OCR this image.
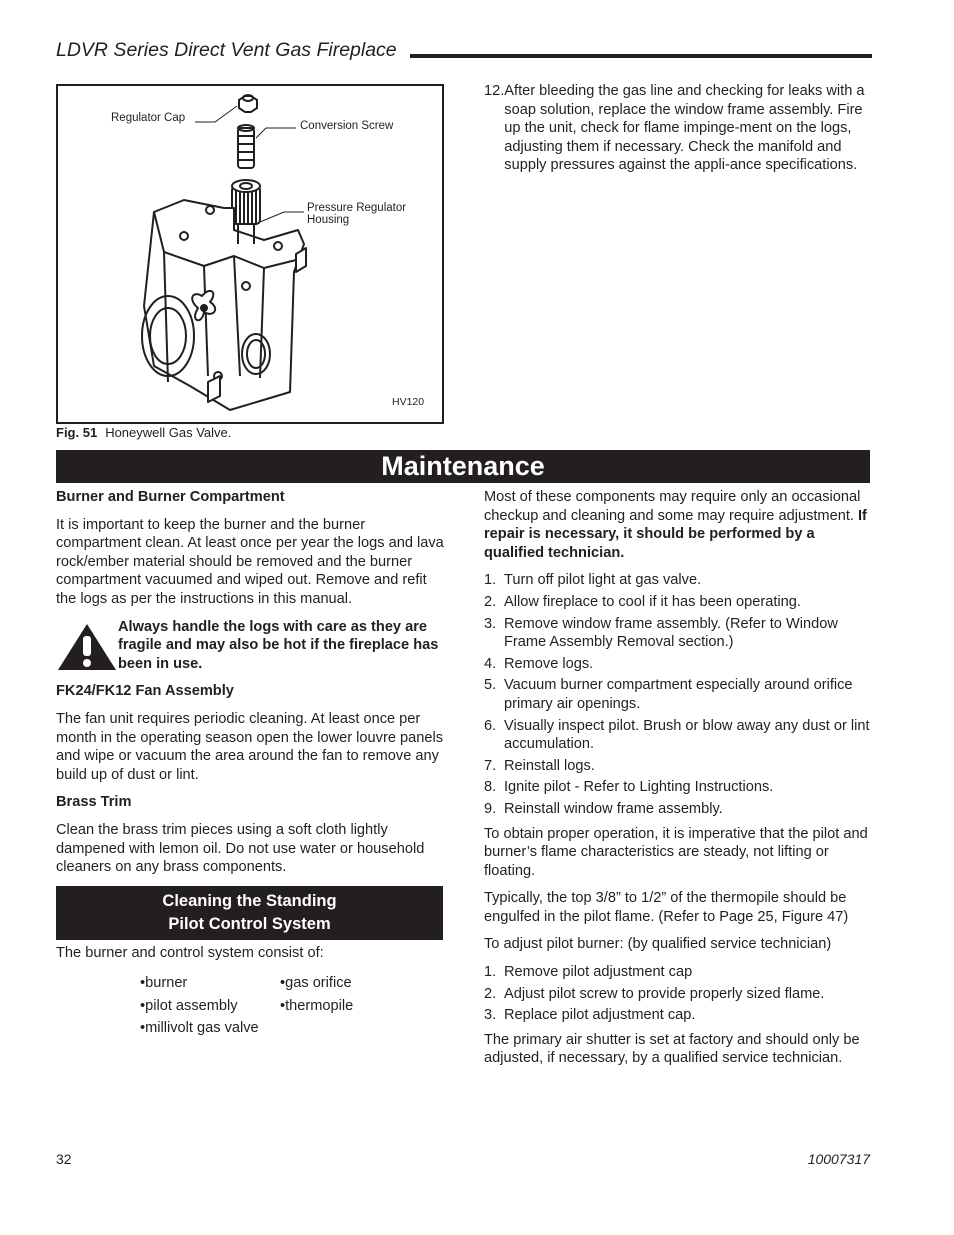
LDVR Series Direct Vent Gas Fireplace
Regulator Cap
Conversion Screw
Pressure Regulator
Housing
HV120
Fig. 51 Honeywell Gas Valve.
12. After bleeding the gas line and checking for leaks with a soap solution, replace the window frame assembly. Fire up the unit, check for flame impinge-ment on the logs, adjusting them if necessary. Check the manifold and supply pressures against the appli-ance specifications.
Maintenance
Burner and Burner Compartment

It is important to keep the burner and the burner compartment clean. At least once per year the logs and lava rock/ember material should be removed and the burner compartment vacuumed and wiped out. Remove and refit the logs as per the instructions in this manual.

Always handle the logs with care as they are fragile and may also be hot if the fireplace has been in use.
FK24/FK12 Fan Assembly

The fan unit requires periodic cleaning. At least once per month in the operating season open the lower louvre panels and wipe or vacuum the area around the fan to remove any build up of dust or lint.

Brass Trim

Clean the brass trim pieces using a soft cloth lightly dampened with lemon oil. Do not use water or household cleaners on any brass components.

Cleaning the Standing
Pilot Control System

The burner and control system consist of:

• burner	• gas orifice
• pilot assembly	• thermopile
• millivolt gas valve

Most of these components may require only an occasional checkup and cleaning and some may require adjustment. If repair is necessary, it should be performed by a qualified technician.

1. Turn off pilot light at gas valve.
2. Allow fireplace to cool if it has been operating.
3. Remove window frame assembly. (Refer to Window Frame Assembly Removal section.)
4. Remove logs.
5. Vacuum burner compartment especially around orifice primary air openings.
6. Visually inspect pilot. Brush or blow away any dust or lint accumulation.
7. Reinstall logs.
8. Ignite pilot - Refer to Lighting Instructions.
9. Reinstall window frame assembly.

To obtain proper operation, it is imperative that the pilot and burner’s flame characteristics are steady, not lifting or floating.

Typically, the top 3/8” to 1/2” of the thermopile should be engulfed in the pilot flame. (Refer to Page 25, Figure 47)

To adjust pilot burner: (by qualified service technician)

1. Remove pilot adjustment cap
2. Adjust pilot screw to provide properly sized flame.
3. Replace pilot adjustment cap.

The primary air shutter is set at factory and should only be adjusted, if necessary, by a qualified service technician.

32	10007317
